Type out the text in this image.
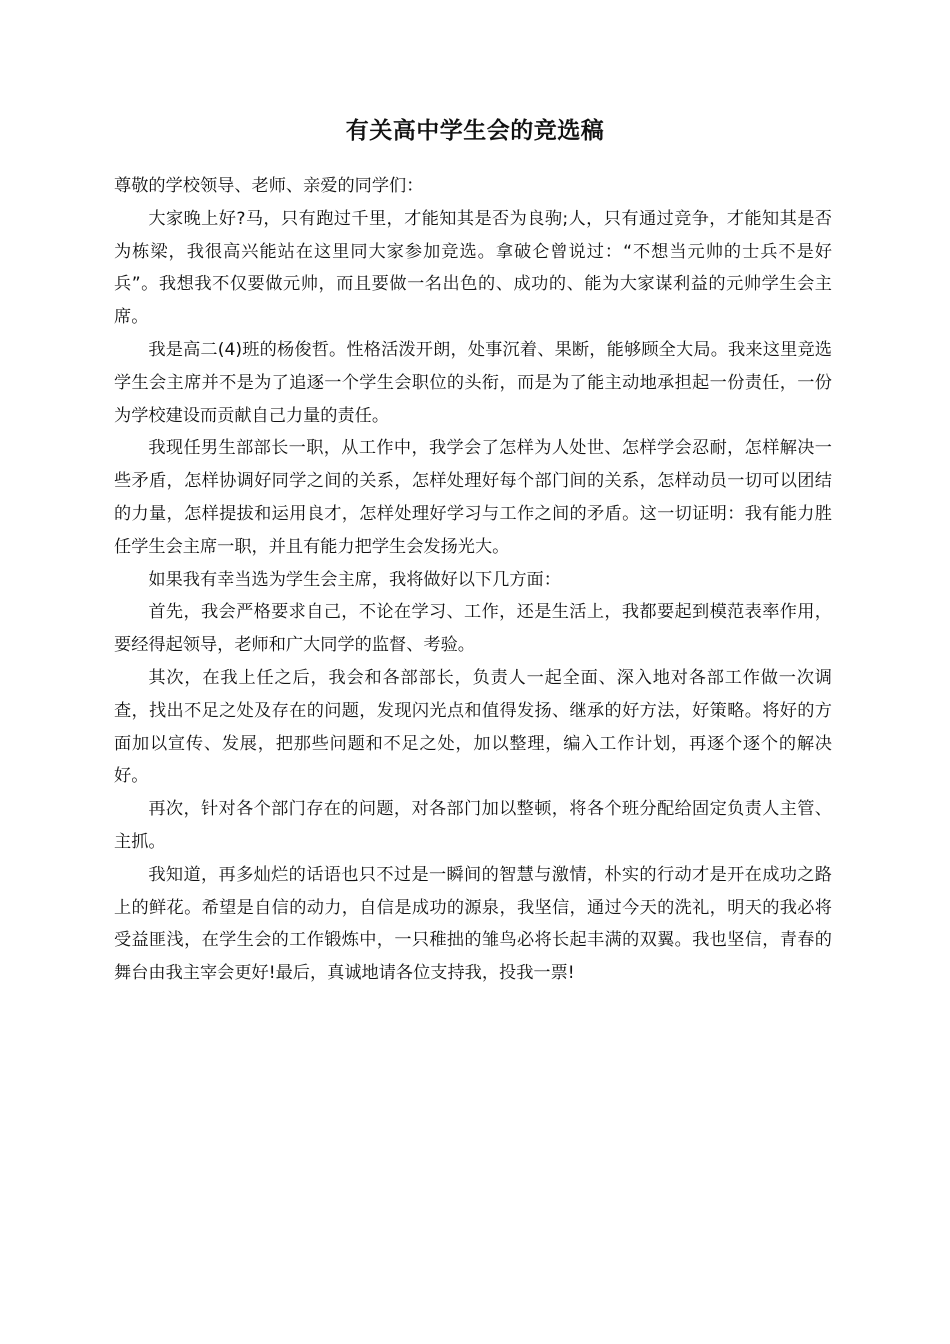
有关高中学生会的竞选稿

尊敬的学校领导、老师、亲爱的同学们：

大家晚上好?马，只有跑过千里，才能知其是否为良驹;人，只有通过竞争，才能知其是否为栋梁，我很高兴能站在这里同大家参加竞选。拿破仑曾说过：“不想当元帅的士兵不是好兵”。我想我不仅要做元帅，而且要做一名出色的、成功的、能为大家谋利益的元帅学生会主席。

我是高二(4)班的杨俊哲。性格活泼开朗，处事沉着、果断，能够顾全大局。我来这里竞选学生会主席并不是为了追逐一个学生会职位的头衔，而是为了能主动地承担起一份责任，一份为学校建设而贡献自己力量的责任。

我现任男生部部长一职，从工作中，我学会了怎样为人处世、怎样学会忍耐，怎样解决一些矛盾，怎样协调好同学之间的关系，怎样处理好每个部门间的关系，怎样动员一切可以团结的力量，怎样提拔和运用良才，怎样处理好学习与工作之间的矛盾。这一切证明：我有能力胜任学生会主席一职，并且有能力把学生会发扬光大。

如果我有幸当选为学生会主席，我将做好以下几方面：

首先，我会严格要求自己，不论在学习、工作，还是生活上，我都要起到模范表率作用，要经得起领导，老师和广大同学的监督、考验。

其次，在我上任之后，我会和各部部长，负责人一起全面、深入地对各部工作做一次调查，找出不足之处及存在的问题，发现闪光点和值得发扬、继承的好方法，好策略。将好的方面加以宣传、发展，把那些问题和不足之处，加以整理，编入工作计划，再逐个逐个的解决好。

再次，针对各个部门存在的问题，对各部门加以整顿，将各个班分配给固定负责人主管、主抓。

我知道，再多灿烂的话语也只不过是一瞬间的智慧与激情，朴实的行动才是开在成功之路上的鲜花。希望是自信的动力，自信是成功的源泉，我坚信，通过今天的洗礼，明天的我必将受益匪浅，在学生会的工作锻炼中，一只稚拙的雏鸟必将长起丰满的双翼。我也坚信，青春的舞台由我主宰会更好!最后，真诚地请各位支持我，投我一票!
